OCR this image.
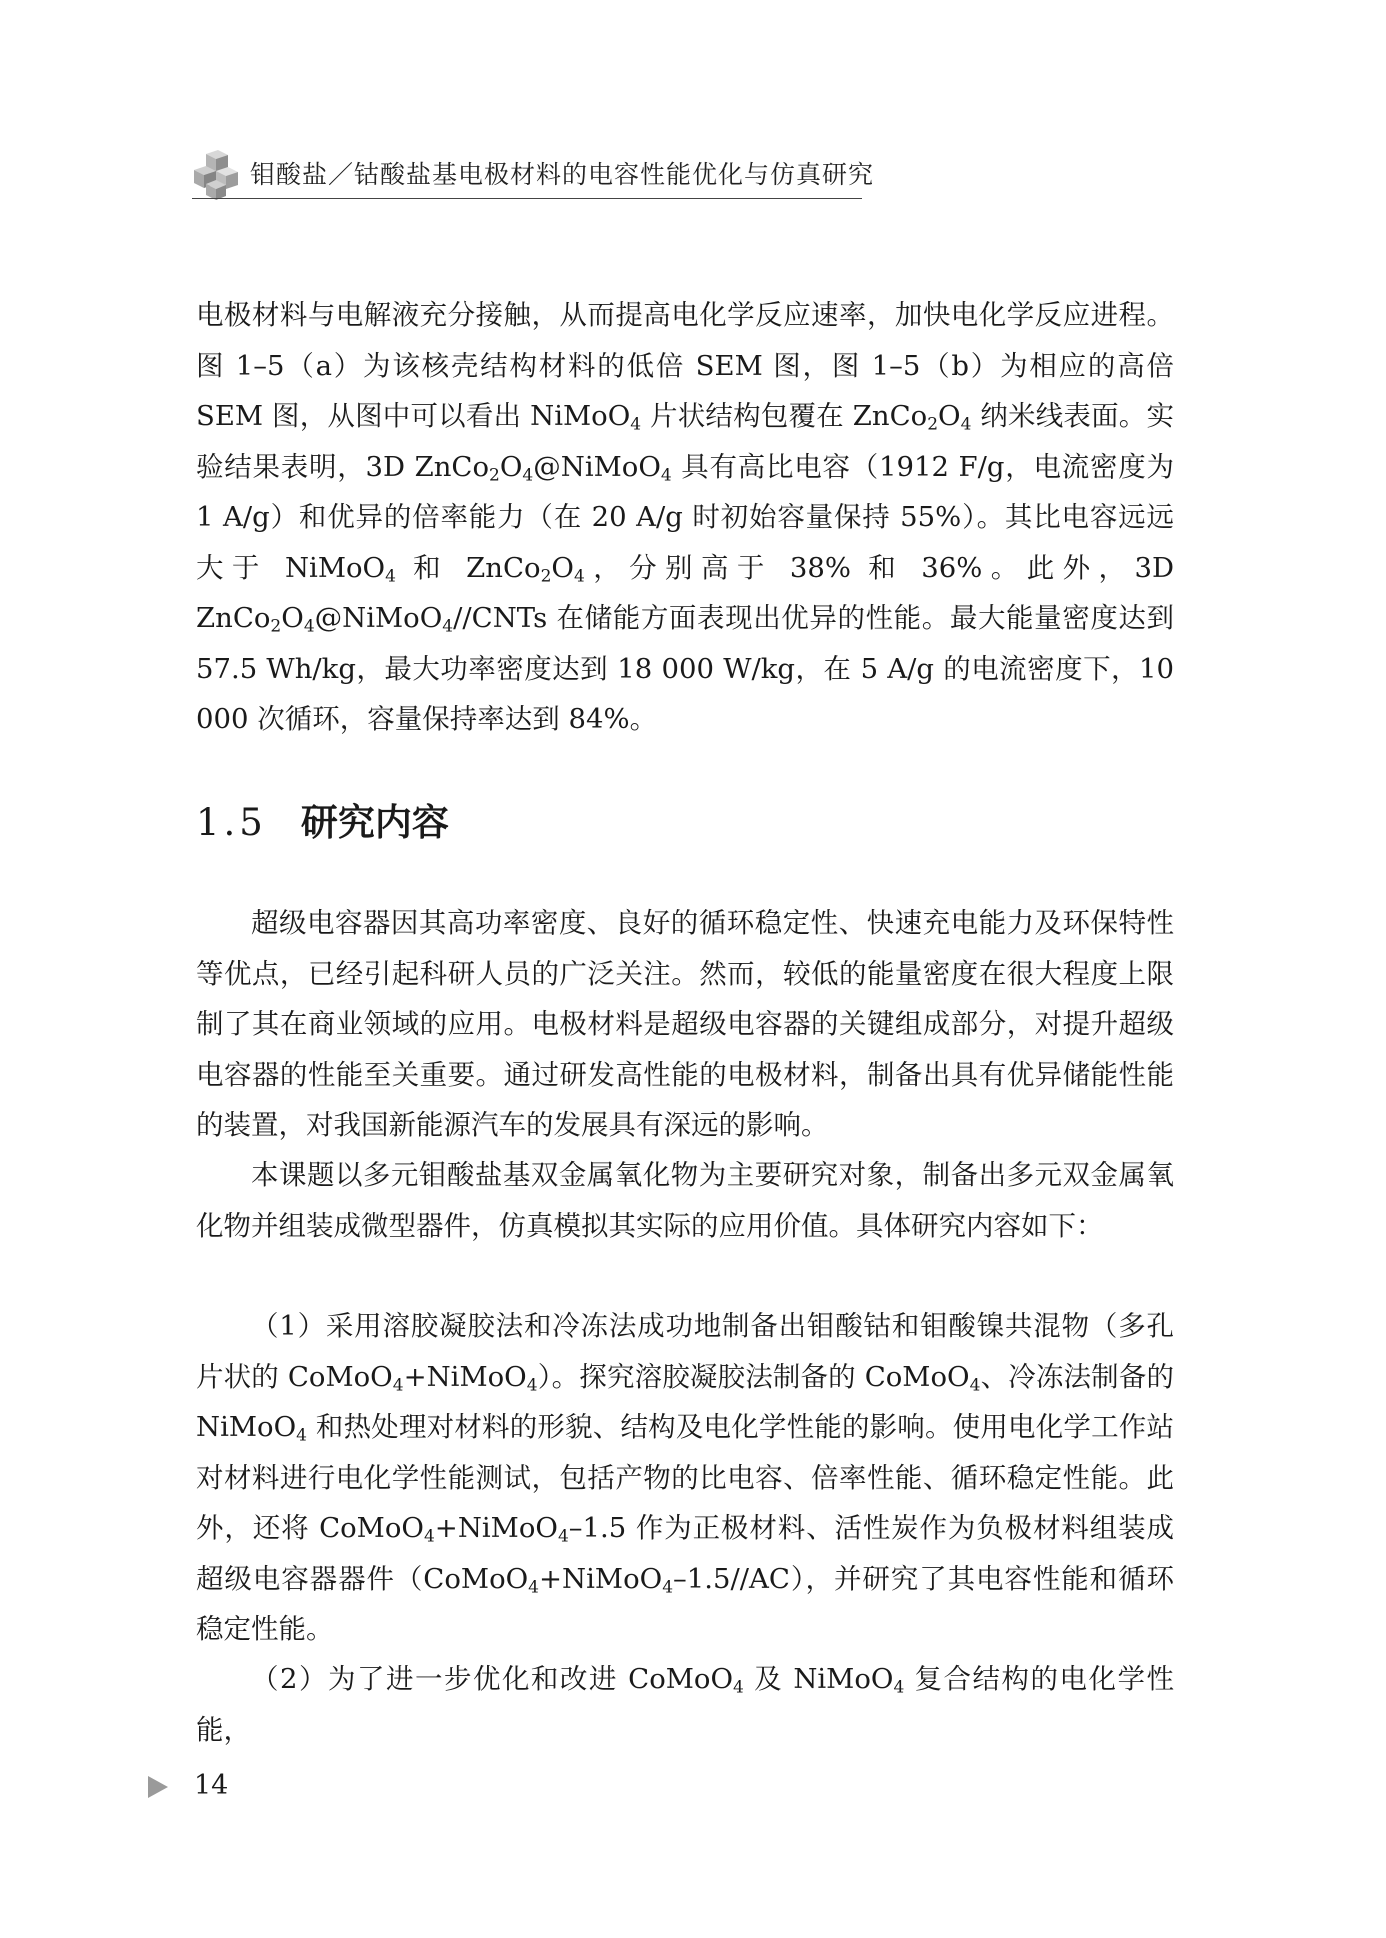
钼酸盐／钴酸盐基电极材料的电容性能优化与仿真研究

电极材料与电解液充分接触，从而提高电化学反应速率，加快电化学反应进程。图 1–5（a）为该核壳结构材料的低倍 SEM 图，图 1–5（b）为相应的高倍 SEM 图，从图中可以看出 NiMoO$_4$ 片状结构包覆在 $ZnCo_2O_4$ 纳米线表面。实验结果表明，3D $ZnCo_2O_4@NiMoO_4$ 具有高比电容（1912 F/g，电流密度为 1 A/g）和优异的倍率能力（在 20 A/g 时初始容量保持 55%）。其比电容远远大于 NiMoO$_4$ 和 $ZnCo_2O_4$，分别高于 38% 和 36%。此外，3D $ZnCo_2O_4@NiMoO_4/$/CNTs 在储能方面表现出优异的性能。最大能量密度达到 57.5 Wh/kg，最大功率密度达到 18 000 W/kg，在 5 A/g 的电流密度下，10 000 次循环，容量保持率达到 84%。

1.5 研究内容

超级电容器因其高功率密度、良好的循环稳定性、快速充电能力及环保特性等优点，已经引起科研人员的广泛关注。然而，较低的能量密度在很大程度上限制了其在商业领域的应用。电极材料是超级电容器的关键组成部分，对提升超级电容器的性能至关重要。通过研发高性能的电极材料，制备出具有优异储能性能的装置，对我国新能源汽车的发展具有深远的影响。

本课题以多元钼酸盐基双金属氧化物为主要研究对象，制备出多元双金属氧化物并组装成微型器件，仿真模拟其实际的应用价值。具体研究内容如下：

（1）采用溶胶凝胶法和冷冻法成功地制备出钼酸钴和钼酸镍共混物（多孔片状的 CoMoO$_4$+NiMoO$_4$）。探究溶胶凝胶法制备的 CoMoO$_4$、冷冻法制备的 NiMoO$_4$ 和热处理对材料的形貌、结构及电化学性能的影响。使用电化学工作站对材料进行电化学性能测试，包括产物的比电容、倍率性能、循环稳定性能。此外，还将 CoMoO$_4$+NiMoO$_4$–1.5 作为正极材料、活性炭作为负极材料组装成超级电容器器件（CoMoO$_4$+NiMoO$_4$–1.5//AC），并研究了其电容性能和循环稳定性能。

（2）为了进一步优化和改进 CoMoO$_4$ 及 NiMoO$_4$ 复合结构的电化学性能，

14
